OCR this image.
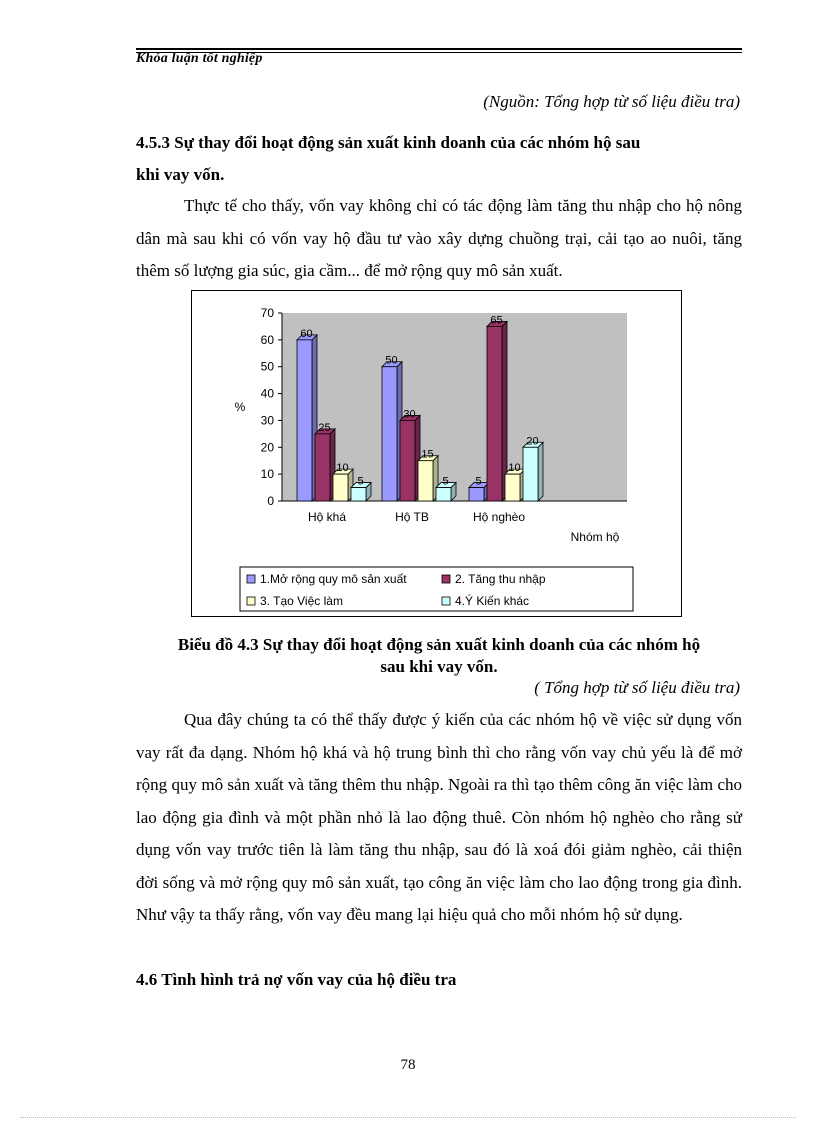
Khóa luận tốt nghiệp
(Nguồn: Tổng hợp từ số liệu điều tra)
4.5.3 Sự thay đổi hoạt động sản xuất kinh doanh của các nhóm hộ sau
khi vay vốn.
Thực tế cho thấy, vốn vay không chỉ có tác động làm tăng thu nhập cho hộ nông dân mà sau khi có vốn vay hộ đầu tư vào xây dựng chuồng trại, cải tạo ao nuôi, tăng thêm số lượng gia súc, gia cầm... để mở rộng quy mô sản xuất.
0
10
20
30
40
50
60
70
60
25
10
5
50
30
15
5 5
65
10
20
Hộ khá	Hộ TB	Hộ nghèo
%
Nhóm hộ
1.Mở rộng quy mô sản xuất	2. Tăng thu nhập
3. Tạo Việc làm	4.Ý Kiến khác
Biểu đồ 4.3 Sự thay đổi hoạt động sản xuất kinh doanh của các nhóm hộ
sau khi vay vốn.
( Tổng hợp từ số liệu điều tra)
Qua đây chúng ta có thể thấy được ý kiến của các nhóm hộ về việc sử dụng vốn vay rất đa dạng. Nhóm hộ khá và hộ trung bình thì cho rằng vốn vay chủ yếu là để mở rộng quy mô sản xuất và tăng thêm thu nhập. Ngoài ra thì tạo thêm công ăn việc làm cho lao động gia đình và một phần nhỏ là lao động thuê. Còn nhóm hộ nghèo cho rằng sử dụng vốn vay trước tiên là làm tăng thu nhập, sau đó là xoá đói giảm nghèo, cải thiện đời sống và mở rộng quy mô sản xuất, tạo công ăn việc làm cho lao động trong gia đình. Như vậy ta thấy rằng, vốn vay đều mang lại hiệu quả cho mỗi nhóm hộ sử dụng.
4.6 Tình hình trả nợ vốn vay của hộ điều tra
78
